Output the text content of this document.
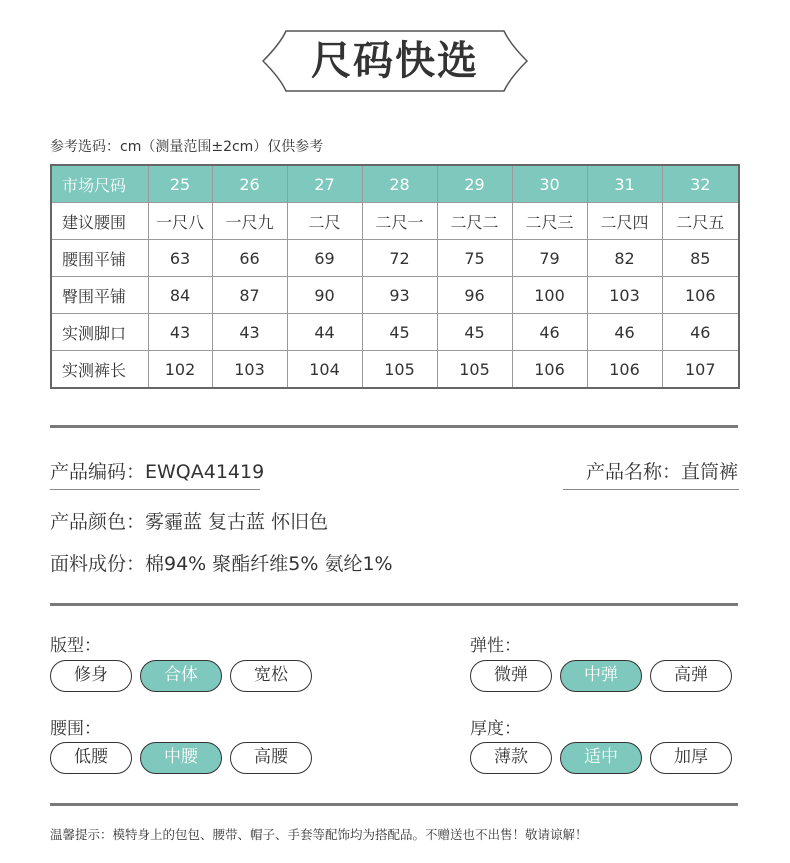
尺码快选
参考选码：cm（测量范围±2cm）仅供参考
市场尺码	25	26	27	28	29	30	31	32
建议腰围	一尺八	一尺九	二尺	二尺一	二尺二	二尺三	二尺四	二尺五
腰围平铺	63	66	69	72	75	79	82	85
臀围平铺	84	87	90	93	96	100	103	106
实测脚口	43	43	44	45	45	46	46	46
实测裤长	102	103	104	105	105	106	106	107
产品编码：EWQA41419	产品名称：直筒裤
产品颜色：雾霾蓝 复古蓝 怀旧色
面料成份：棉94% 聚酯纤维5% 氨纶1%
版型：
修身	合体	宽松
弹性：
微弹	中弹	高弹
腰围：
低腰	中腰	高腰
厚度：
薄款	适中	加厚
温馨提示：模特身上的包包、腰带、帽子、手套等配饰均为搭配品。不赠送也不出售！敬请谅解！
